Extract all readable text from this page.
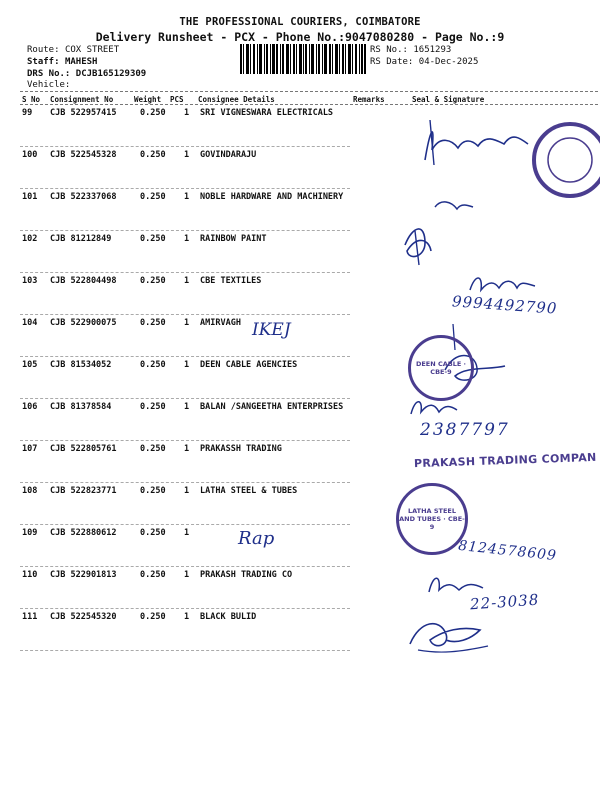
THE PROFESSIONAL COURIERS, COIMBATORE
Delivery Runsheet - PCX - Phone No.:9047080280 - Page No.:9
Route: COX STREET
Staff: MAHESH
DRS No.: DCJB165129309
Vehicle:
RS No.: 1651293
RS Date: 04-Dec-2025
S No Consignment No	Weight PCS Consignee Details	Remarks	Seal & Signature
99 CJB 522957415	0.250 1 SRI VIGNESWARA ELECTRICALS
100 CJB 522545328	0.250 1 GOVINDARAJU
101 CJB 522337068	0.250 1 NOBLE HARDWARE AND MACHINERY
102 CJB 81212849	0.250 1 RAINBOW PAINT
103 CJB 522804498	0.250 1 CBE TEXTILES
104 CJB 522900075	0.250 1 AMIRVAGH
105 CJB 81534052	0.250 1 DEEN CABLE AGENCIES
106 CJB 81378584	0.250 1 BALAN /SANGEETHA ENTERPRISES
107 CJB 522805761	0.250 1 PRAKASSH TRADING
108 CJB 522823771	0.250 1 LATHA STEEL & TUBES
109 CJB 522880612	0.250 1
110 CJB 522901813	0.250 1 PRAKASH TRADING CO
111 CJB 522545320	0.250 1 BLACK BULID
IKEJ
Rap
9994492790
2387797
8124578609
22-3038
DEEN CABLE · CBE-9
LATHA STEEL AND TUBES · CBE-9
PRAKASH TRADING COMPAN
